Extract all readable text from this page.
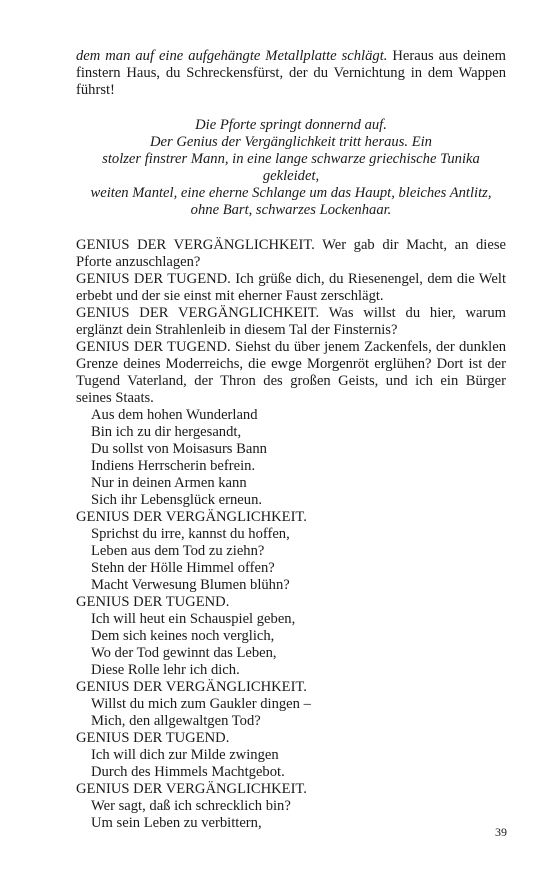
dem man auf eine aufgehängte Metallplatte schlägt. Heraus aus deinem finstern Haus, du Schreckensfürst, der du Vernichtung in dem Wappen führst!

Die Pforte springt donnernd auf.
Der Genius der Vergänglichkeit tritt heraus. Ein
stolzer finstrer Mann, in eine lange schwarze griechische Tunika gekleidet,
weiten Mantel, eine eherne Schlange um das Haupt, bleiches Antlitz,
ohne Bart, schwarzes Lockenhaar.
GENIUS DER VERGÄNGLICHKEIT. Wer gab dir Macht, an diese Pforte anzuschlagen?
GENIUS DER TUGEND. Ich grüße dich, du Riesenengel, dem die Welt erbebt und der sie einst mit eherner Faust zerschlägt.
GENIUS DER VERGÄNGLICHKEIT. Was willst du hier, warum erglänzt dein Strahlenleib in diesem Tal der Finsternis?
GENIUS DER TUGEND. Siehst du über jenem Zackenfels, der dunklen Grenze deines Moderreichs, die ewge Morgenröt erglühen? Dort ist der Tugend Vaterland, der Thron des großen Geists, und ich ein Bürger seines Staats.
Aus dem hohen Wunderland
Bin ich zu dir hergesandt,
Du sollst von Moisasurs Bann
Indiens Herrscherin befrein.
Nur in deinen Armen kann
Sich ihr Lebensglück erneun.
GENIUS DER VERGÄNGLICHKEIT.
Sprichst du irre, kannst du hoffen,
Leben aus dem Tod zu ziehn?
Stehn der Hölle Himmel offen?
Macht Verwesung Blumen blühn?
GENIUS DER TUGEND.
Ich will heut ein Schauspiel geben,
Dem sich keines noch verglich,
Wo der Tod gewinnt das Leben,
Diese Rolle lehr ich dich.
GENIUS DER VERGÄNGLICHKEIT.
Willst du mich zum Gaukler dingen –
Mich, den allgewaltgen Tod?
GENIUS DER TUGEND.
Ich will dich zur Milde zwingen
Durch des Himmels Machtgebot.
GENIUS DER VERGÄNGLICHKEIT.
Wer sagt, daß ich schrecklich bin?
Um sein Leben zu verbittern,
39
